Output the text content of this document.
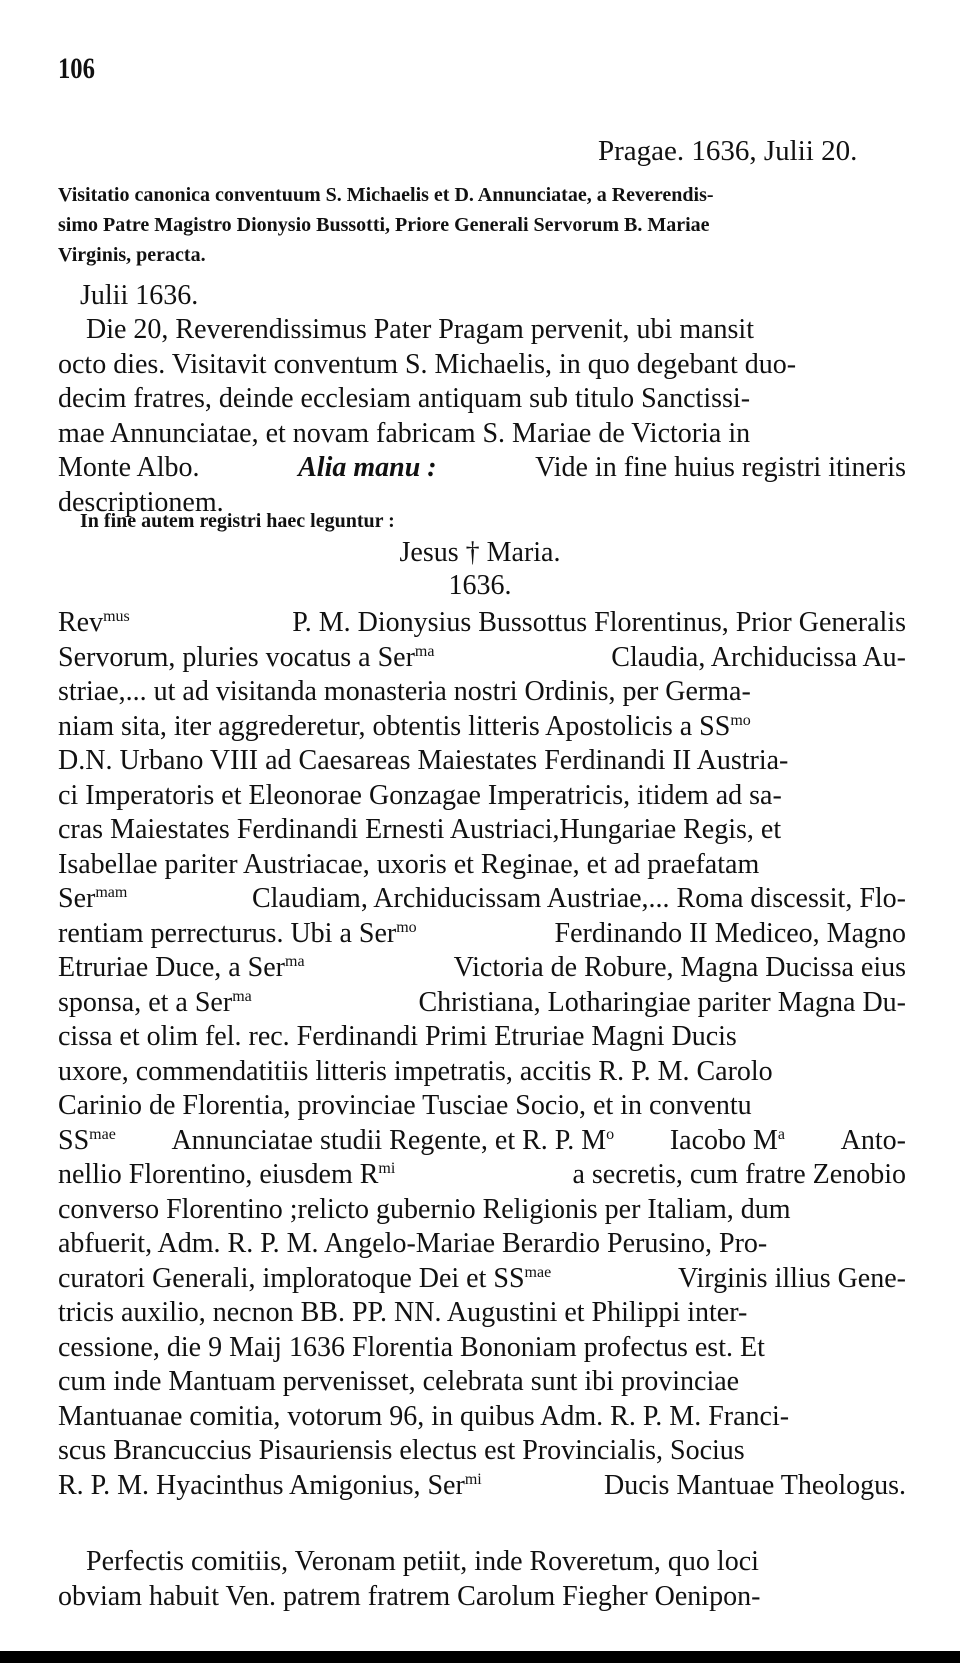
106
Pragae. 1636, Julii 20.
Visitatio canonica conventuum S. Michaelis et D. Annunciatae, a Reverendis-
simo Patre Magistro Dionysio Bussotti, Priore Generali Servorum B. Mariae
Virginis, peracta.
Julii 1636.
Die 20, Reverendissimus Pater Pragam pervenit, ubi mansit
octo dies. Visitavit conventum S. Michaelis, in quo degebant duo-
decim fratres, deinde ecclesiam antiquam sub titulo Sanctissi-
mae Annunciatae, et novam fabricam S. Mariae de Victoria in
Monte Albo.	Alia manu :	Vide in fine huius registri itineris
descriptionem.
In fine autem registri haec leguntur :
Jesus † Maria.
1636.
Rev$^{mus}$	P. M. Dionysius Bussottus Florentinus, Prior Generalis
Servorum, pluries vocatus a Ser$^{ma}$	Claudia, Archiducissa Au-
striae,... ut ad visitanda monasteria nostri Ordinis, per Germa-
niam sita, iter aggrederetur, obtentis litteris Apostolicis a $SS^{mo}$
D.N. Urbano VIII ad Caesareas Maiestates Ferdinandi II Austria-
ci Imperatoris et Eleonorae Gonzagae Imperatricis, itidem ad sa-
cras Maiestates Ferdinandi Ernesti Austriaci,Hungariae Regis, et
Isabellae pariter Austriacae, uxoris et Reginae, et ad praefatam
Ser$^{mam}$	Claudiam, Archiducissam Austriae,... Roma discessit, Flo-
rentiam perrecturus. Ubi a Ser$^{mo}$	Ferdinando II Mediceo, Magno
Etruriae Duce, a Ser$^{ma}$	Victoria de Robure, Magna Ducissa eius
sponsa, et a Ser$^{ma}$	Christiana, Lotharingiae pariter Magna Du-
cissa et olim fel. rec. Ferdinandi Primi Etruriae Magni Ducis
uxore, commendatitiis litteris impetratis, accitis R. P. M. Carolo
Carinio de Florentia, provinciae Tusciae Socio, et in conventu
$SS^{mae}$ Annunciatae studii Regente, et R. P. $M^o$ Iacobo $M^a$ Anto-
nellio Florentino, eiusdem $R^{mi}$	a secretis, cum fratre Zenobio
converso Florentino ;relicto gubernio Religionis per Italiam, dum
abfuerit, Adm. R. P. M. Angelo-Mariae Berardio Perusino, Pro-
curatori Generali, imploratoque Dei et $SS^{mae}$	Virginis illius Gene-
tricis auxilio, necnon BB. PP. NN. Augustini et Philippi inter-
cessione, die 9 Maij 1636 Florentia Bononiam profectus est. Et
cum inde Mantuam pervenisset, celebrata sunt ibi provinciae
Mantuanae comitia, votorum 96, in quibus Adm. R. P. M. Franci-
scus Brancuccius Pisauriensis electus est Provincialis, Socius
R. P. M. Hyacinthus Amigonius, Ser$^{mi}$	Ducis Mantuae Theologus.
Perfectis comitiis, Veronam petiit, inde Roveretum, quo loci
obviam habuit Ven. patrem fratrem Carolum Fiegher Oenipon-
